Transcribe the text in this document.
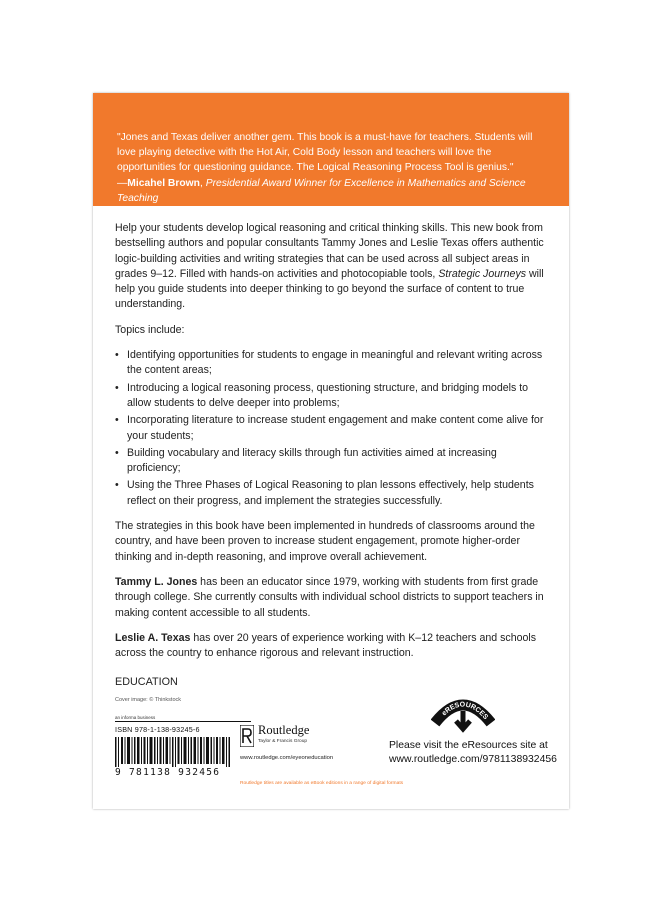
"Jones and Texas deliver another gem. This book is a must-have for teachers. Students will love playing detective with the Hot Air, Cold Body lesson and teachers will love the opportunities for questioning guidance. The Logical Reasoning Process Tool is genius."
—Micahel Brown, Presidential Award Winner for Excellence in Mathematics and Science Teaching

Help your students develop logical reasoning and critical thinking skills. This new book from bestselling authors and popular consultants Tammy Jones and Leslie Texas offers authentic logic-building activities and writing strategies that can be used across all subject areas in grades 9–12. Filled with hands-on activities and photocopiable tools, Strategic Journeys will help you guide students into deeper thinking to go beyond the surface of content to true understanding.

Topics include:

• Identifying opportunities for students to engage in meaningful and relevant writing across the content areas;
• Introducing a logical reasoning process, questioning structure, and bridging models to allow students to delve deeper into problems;
• Incorporating literature to increase student engagement and make content come alive for your students;
• Building vocabulary and literacy skills through fun activities aimed at increasing proficiency;
• Using the Three Phases of Logical Reasoning to plan lessons effectively, help students reflect on their progress, and implement the strategies successfully.

The strategies in this book have been implemented in hundreds of classrooms around the country, and have been proven to increase student engagement, promote higher-order thinking and in-depth reasoning, and improve overall achievement.

Tammy L. Jones has been an educator since 1979, working with students from first grade through college. She currently consults with individual school districts to support teachers in making content accessible to all students.

Leslie A. Texas has over 20 years of experience working with K–12 teachers and schools across the country to enhance rigorous and relevant instruction.

EDUCATION

Cover image: © Thinkstock
an informa business
ISBN 978-1-138-93245-6
9 781138 932456
Routledge
Taylor & Francis Group
www.routledge.com/eyeoneducation
eRESOURCES
Please visit the eResources site at
www.routledge.com/9781138932456
Routledge titles are available as eBook editions in a range of digital formats
